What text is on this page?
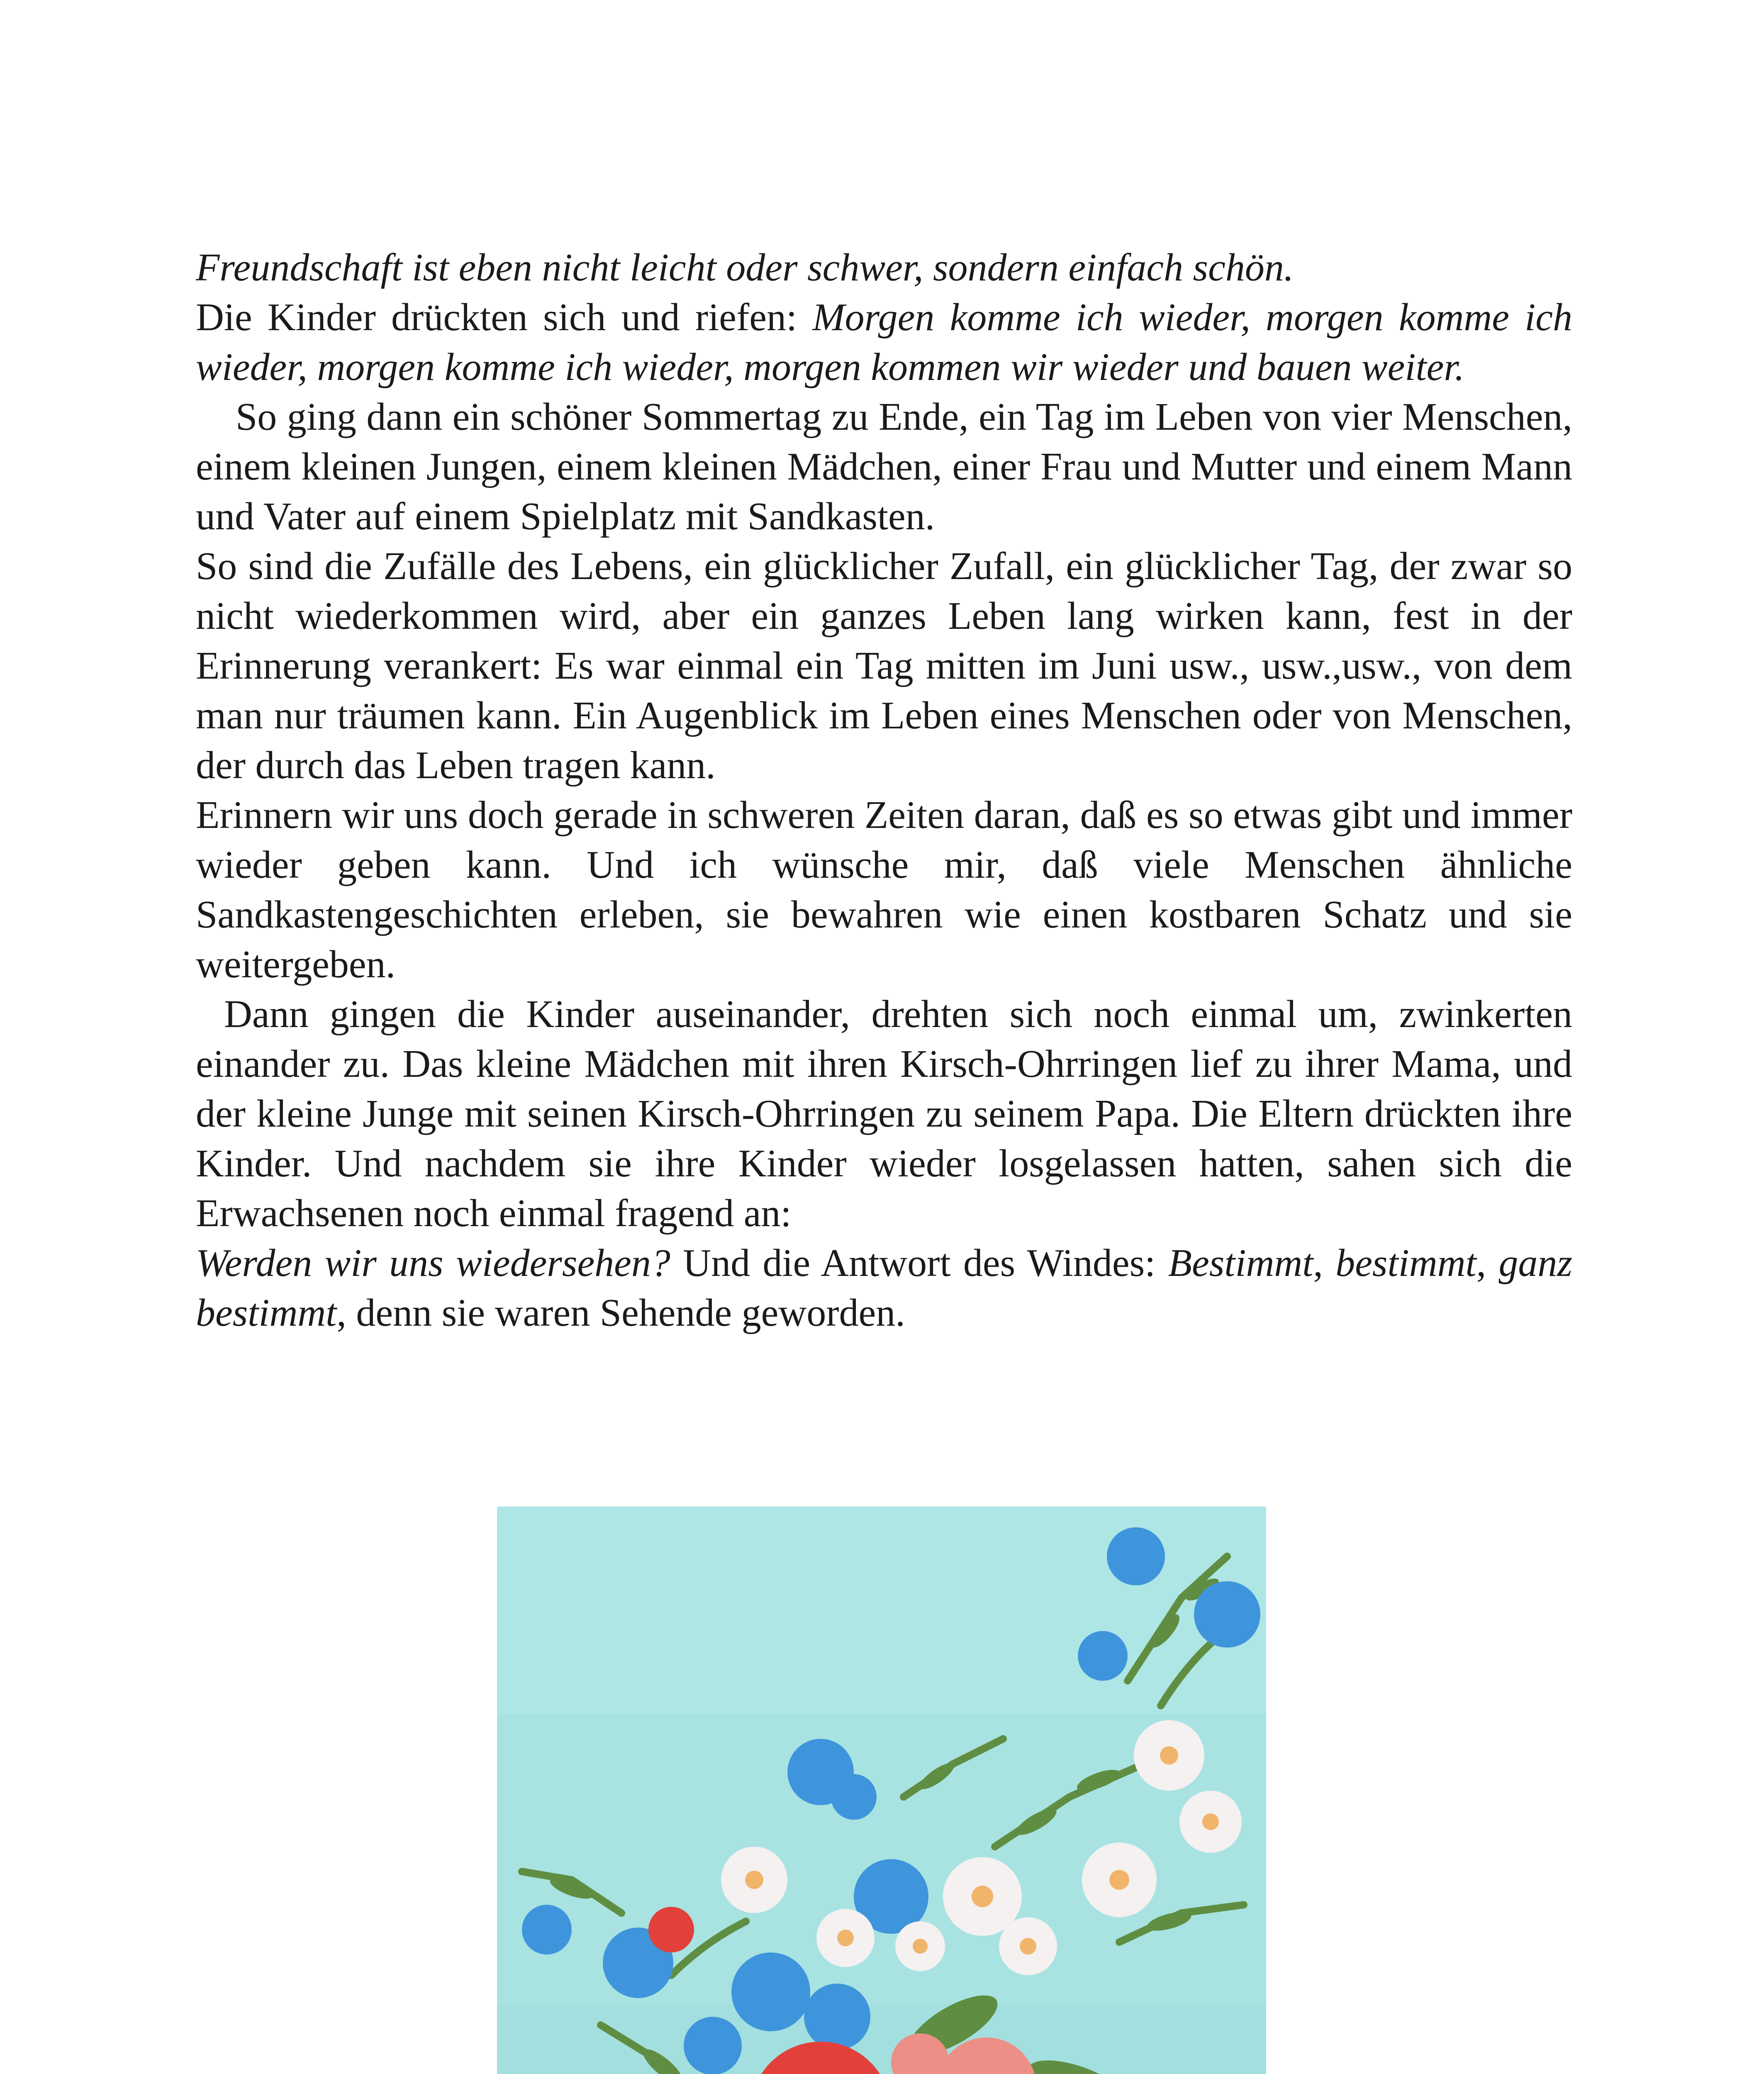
Freundschaft ist eben nicht leicht oder schwer, sondern einfach schön.

Die Kinder drückten sich und riefen: Morgen komme ich wieder, morgen komme ich wieder, morgen komme ich wieder, morgen kommen wir wieder und bauen weiter.

So ging dann ein schöner Sommertag zu Ende, ein Tag im Leben von vier Menschen, einem kleinen Jungen, einem kleinen Mädchen, einer Frau und Mutter und einem Mann und Vater auf einem Spielplatz mit Sandkasten.

So sind die Zufälle des Lebens, ein glücklicher Zufall, ein glücklicher Tag, der zwar so nicht wiederkommen wird, aber ein ganzes Leben lang wirken kann, fest in der Erinnerung verankert: Es war einmal ein Tag mitten im Juni usw., usw.,usw., von dem man nur träumen kann. Ein Augenblick im Leben eines Menschen oder von Menschen, der durch das Leben tragen kann.

Erinnern wir uns doch gerade in schweren Zeiten daran, daß es so etwas gibt und immer wieder geben kann. Und ich wünsche mir, daß viele Menschen ähnliche Sandkastengeschichten erleben, sie bewahren wie einen kostbaren Schatz und sie weitergeben.

Dann gingen die Kinder auseinander, drehten sich noch einmal um, zwinkerten einander zu. Das kleine Mädchen mit ihren Kirsch-Ohrringen lief zu ihrer Mama, und der kleine Junge mit seinen Kirsch-Ohrringen zu seinem Papa. Die Eltern drückten ihre Kinder. Und nachdem sie ihre Kinder wieder losgelassen hatten, sahen sich die Erwachsenen noch einmal fragend an:

Werden wir uns wiedersehen? Und die Antwort des Windes: Bestimmt, bestimmt, ganz bestimmt, denn sie waren Sehende geworden.
